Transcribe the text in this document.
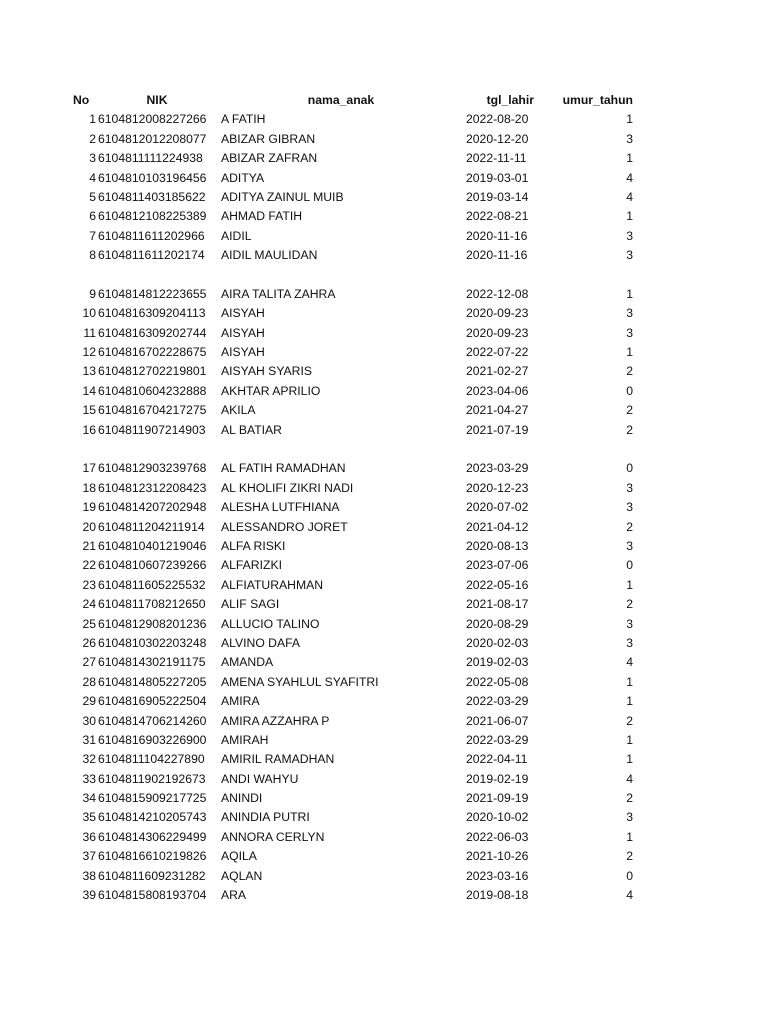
No	NIK	nama_anak	tgl_lahir	umur_tahun
1 6104812008227266	A FATIH	2022-08-20	1
2 6104812012208077	ABIZAR GIBRAN	2020-12-20	3
3 6104811111224938	ABIZAR ZAFRAN	2022-11-11	1
4 6104810103196456	ADITYA	2019-03-01	4
5 6104811403185622	ADITYA ZAINUL MUIB	2019-03-14	4
6 6104812108225389	AHMAD FATIH	2022-08-21	1
7 6104811611202966	AIDIL	2020-11-16	3
8 6104811611202174	AIDIL MAULIDAN	2020-11-16	3
9 6104814812223655	AIRA TALITA ZAHRA	2022-12-08	1
10 6104816309204113	AISYAH	2020-09-23	3
11 6104816309202744	AISYAH	2020-09-23	3
12 6104816702228675	AISYAH	2022-07-22	1
13 6104812702219801	AISYAH SYARIS	2021-02-27	2
14 6104810604232888	AKHTAR APRILIO	2023-04-06	0
15 6104816704217275	AKILA	2021-04-27	2
16 6104811907214903	AL BATIAR	2021-07-19	2
17 6104812903239768	AL FATIH RAMADHAN	2023-03-29	0
18 6104812312208423	AL KHOLIFI ZIKRI NADI	2020-12-23	3
19 6104814207202948	ALESHA LUTFHIANA	2020-07-02	3
20 6104811204211914	ALESSANDRO JORET	2021-04-12	2
21 6104810401219046	ALFA RISKI	2020-08-13	3
22 6104810607239266	ALFARIZKI	2023-07-06	0
23 6104811605225532	ALFIATURAHMAN	2022-05-16	1
24 6104811708212650	ALIF SAGI	2021-08-17	2
25 6104812908201236	ALLUCIO TALINO	2020-08-29	3
26 6104810302203248	ALVINO DAFA	2020-02-03	3
27 6104814302191175	AMANDA	2019-02-03	4
28 6104814805227205	AMENA SYAHLUL SYAFITRI	2022-05-08	1
29 6104816905222504	AMIRA	2022-03-29	1
30 6104814706214260	AMIRA AZZAHRA P	2021-06-07	2
31 6104816903226900	AMIRAH	2022-03-29	1
32 6104811104227890	AMIRIL RAMADHAN	2022-04-11	1
33 6104811902192673	ANDI WAHYU	2019-02-19	4
34 6104815909217725	ANINDI	2021-09-19	2
35 6104814210205743	ANINDIA PUTRI	2020-10-02	3
36 6104814306229499	ANNORA CERLYN	2022-06-03	1
37 6104816610219826	AQILA	2021-10-26	2
38 6104811609231282	AQLAN	2023-03-16	0
39 6104815808193704	ARA	2019-08-18	4
